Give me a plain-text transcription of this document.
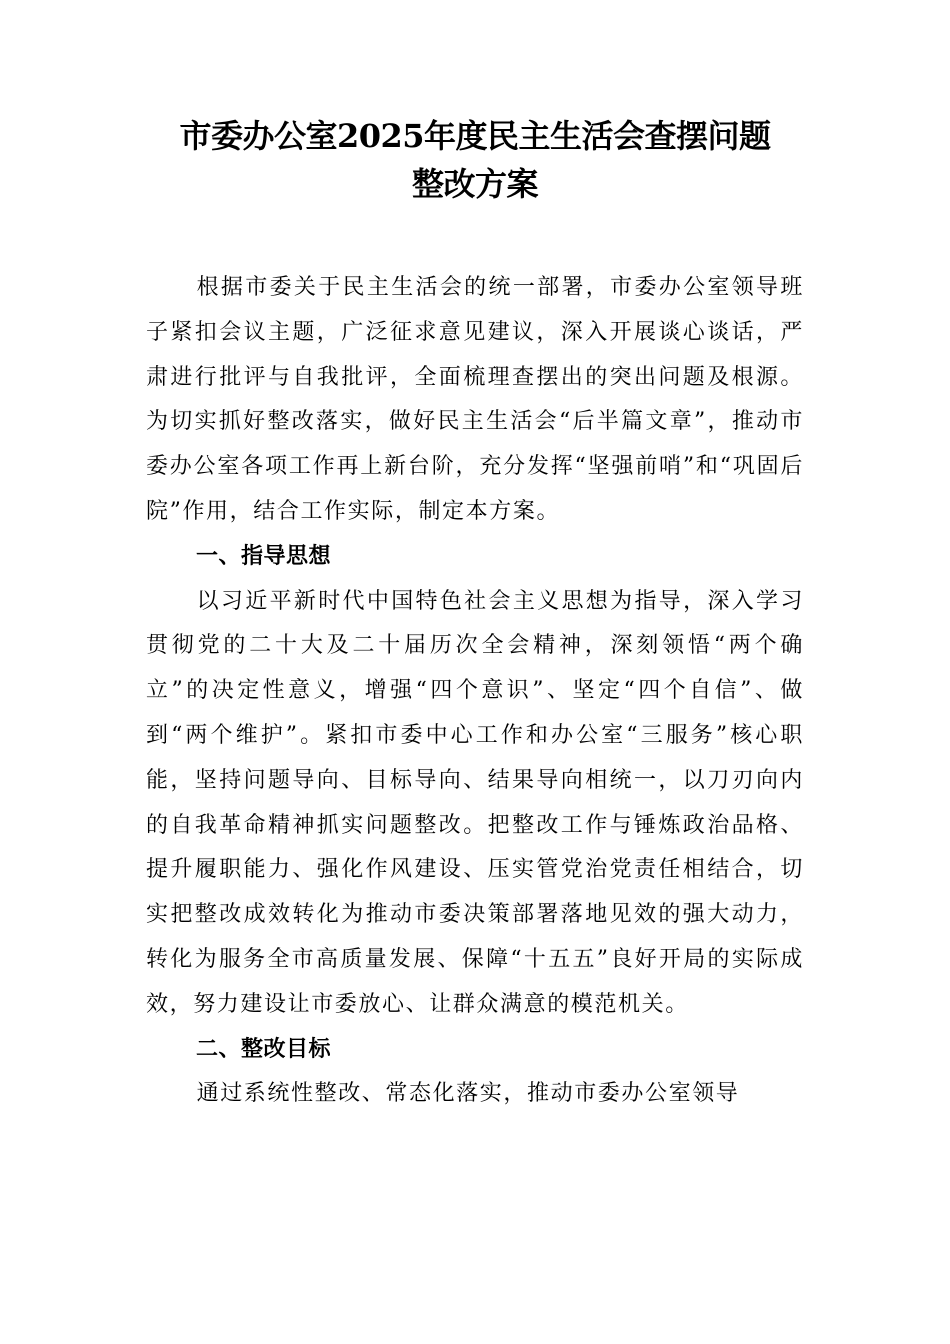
市委办公室2025年度民主生活会查摆问题
整改方案

根据市委关于民主生活会的统一部署，市委办公室领导班子紧扣会议主题，广泛征求意见建议，深入开展谈心谈话，严肃进行批评与自我批评，全面梳理查摆出的突出问题及根源。为切实抓好整改落实，做好民主生活会“后半篇文章”，推动市委办公室各项工作再上新台阶，充分发挥“坚强前哨”和“巩固后院”作用，结合工作实际，制定本方案。

一、指导思想

以习近平新时代中国特色社会主义思想为指导，深入学习贯彻党的二十大及二十届历次全会精神，深刻领悟“两个确立”的决定性意义，增强“四个意识”、坚定“四个自信”、做到“两个维护”。紧扣市委中心工作和办公室“三服务”核心职能，坚持问题导向、目标导向、结果导向相统一，以刀刃向内的自我革命精神抓实问题整改。把整改工作与锤炼政治品格、提升履职能力、强化作风建设、压实管党治党责任相结合，切实把整改成效转化为推动市委决策部署落地见效的强大动力，转化为服务全市高质量发展、保障“十五五”良好开局的实际成效，努力建设让市委放心、让群众满意的模范机关。

二、整改目标

通过系统性整改、常态化落实，推动市委办公室领导
